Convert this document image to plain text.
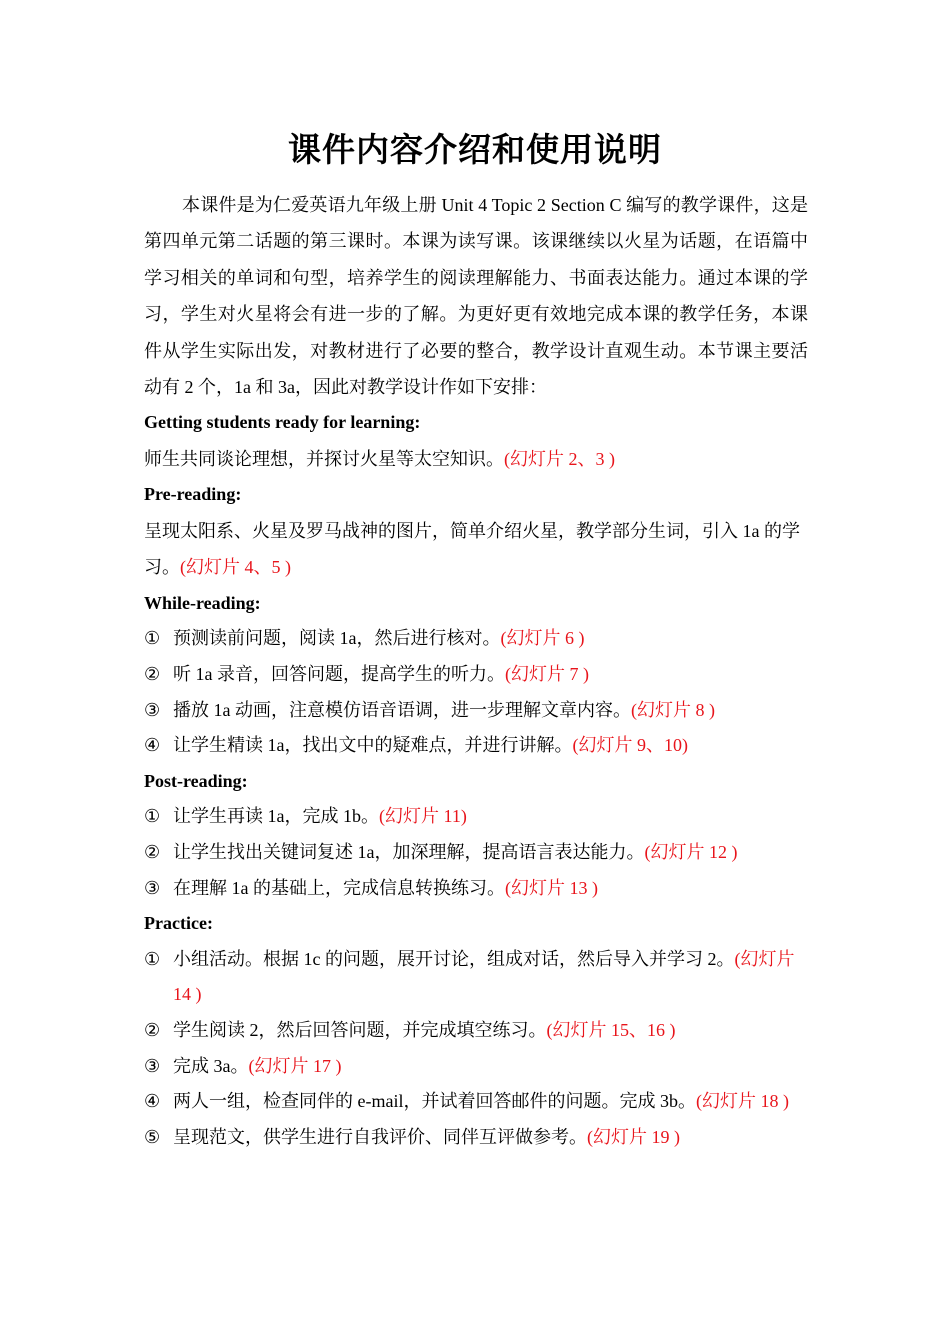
课件内容介绍和使用说明

本课件是为仁爱英语九年级上册 Unit 4 Topic 2 Section C 编写的教学课件，这是第四单元第二话题的第三课时。本课为读写课。该课继续以火星为话题，在语篇中学习相关的单词和句型，培养学生的阅读理解能力、书面表达能力。通过本课的学习，学生对火星将会有进一步的了解。为更好更有效地完成本课的教学任务，本课件从学生实际出发，对教材进行了必要的整合，教学设计直观生动。本节课主要活动有 2 个，1a 和 3a，因此对教学设计作如下安排：

Getting students ready for learning:

师生共同谈论理想，并探讨火星等太空知识。(幻灯片 2、3 )

Pre-reading:

呈现太阳系、火星及罗马战神的图片，简单介绍火星，教学部分生词，引入 1a 的学习。(幻灯片 4、5 )

While-reading:

① 预测读前问题，阅读 1a，然后进行核对。(幻灯片 6 )

② 听 1a 录音，回答问题，提高学生的听力。(幻灯片 7 )

③ 播放 1a 动画，注意模仿语音语调，进一步理解文章内容。(幻灯片 8 )

④ 让学生精读 1a，找出文中的疑难点，并进行讲解。(幻灯片 9、10)

Post-reading:

① 让学生再读 1a，完成 1b。(幻灯片 11)

② 让学生找出关键词复述 1a，加深理解，提高语言表达能力。(幻灯片 12 )

③ 在理解 1a 的基础上，完成信息转换练习。(幻灯片 13 )

Practice:

① 小组活动。根据 1c 的问题，展开讨论，组成对话，然后导入并学习 2。(幻灯片 14 )

② 学生阅读 2，然后回答问题，并完成填空练习。(幻灯片 15、16 )

③ 完成 3a。(幻灯片 17 )

④ 两人一组，检查同伴的 e-mail，并试着回答邮件的问题。完成 3b。(幻灯片 18 )

⑤ 呈现范文，供学生进行自我评价、同伴互评做参考。(幻灯片 19 )
